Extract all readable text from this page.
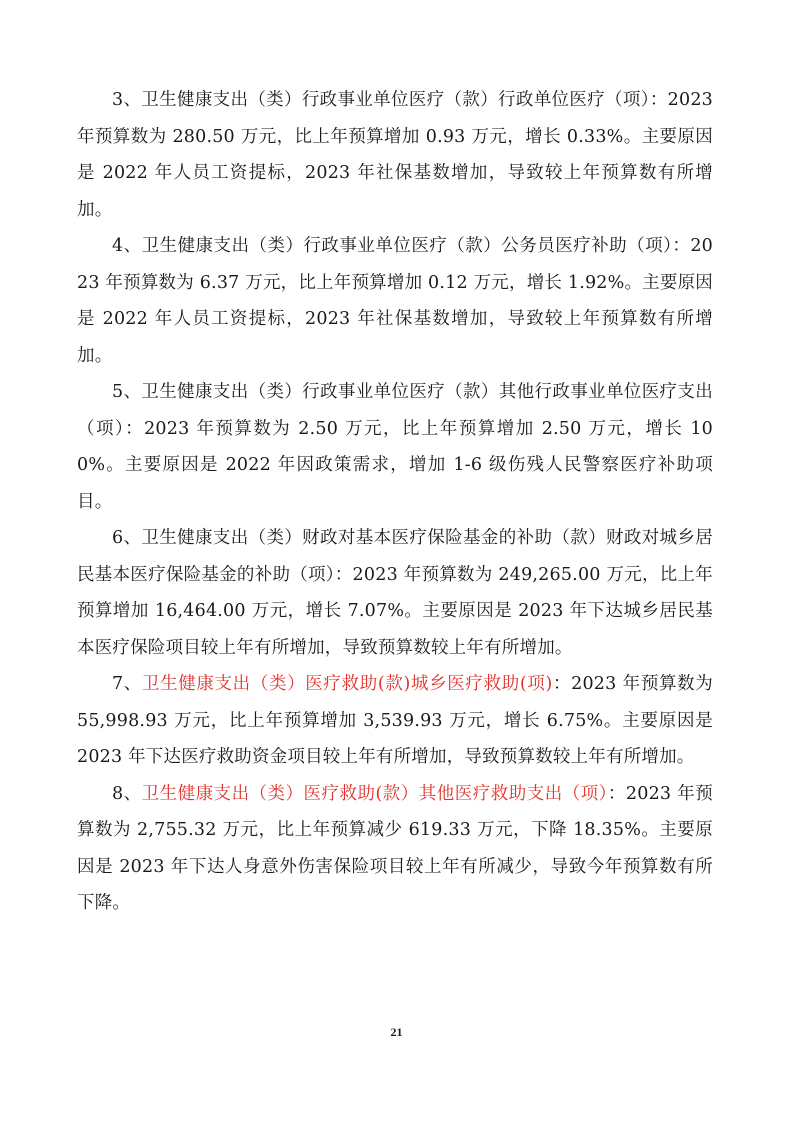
3、卫生健康支出（类）行政事业单位医疗（款）行政单位医疗（项）：2023 年预算数为 280.50 万元，比上年预算增加 0.93 万元，增长 0.33%。主要原因是 2022 年人员工资提标，2023 年社保基数增加，导致较上年预算数有所增加。

4、卫生健康支出（类）行政事业单位医疗（款）公务员医疗补助（项）：2023 年预算数为 6.37 万元，比上年预算增加 0.12 万元，增长 1.92%。主要原因是 2022 年人员工资提标，2023 年社保基数增加，导致较上年预算数有所增加。

5、卫生健康支出（类）行政事业单位医疗（款）其他行政事业单位医疗支出（项）：2023 年预算数为 2.50 万元，比上年预算增加 2.50 万元，增长 100%。主要原因是 2022 年因政策需求，增加 1-6 级伤残人民警察医疗补助项目。

6、卫生健康支出（类）财政对基本医疗保险基金的补助（款）财政对城乡居民基本医疗保险基金的补助（项）：2023 年预算数为 249,265.00 万元，比上年预算增加 16,464.00 万元，增长 7.07%。主要原因是 2023 年下达城乡居民基本医疗保险项目较上年有所增加，导致预算数较上年有所增加。

7、卫生健康支出（类）医疗救助(款)城乡医疗救助(项)：2023 年预算数为 55,998.93 万元，比上年预算增加 3,539.93 万元，增长 6.75%。主要原因是 2023 年下达医疗救助资金项目较上年有所增加，导致预算数较上年有所增加。

8、卫生健康支出（类）医疗救助(款）其他医疗救助支出（项）：2023 年预算数为 2,755.32 万元，比上年预算减少 619.33 万元，下降 18.35%。主要原因是 2023 年下达人身意外伤害保险项目较上年有所减少，导致今年预算数有所下降。

21
